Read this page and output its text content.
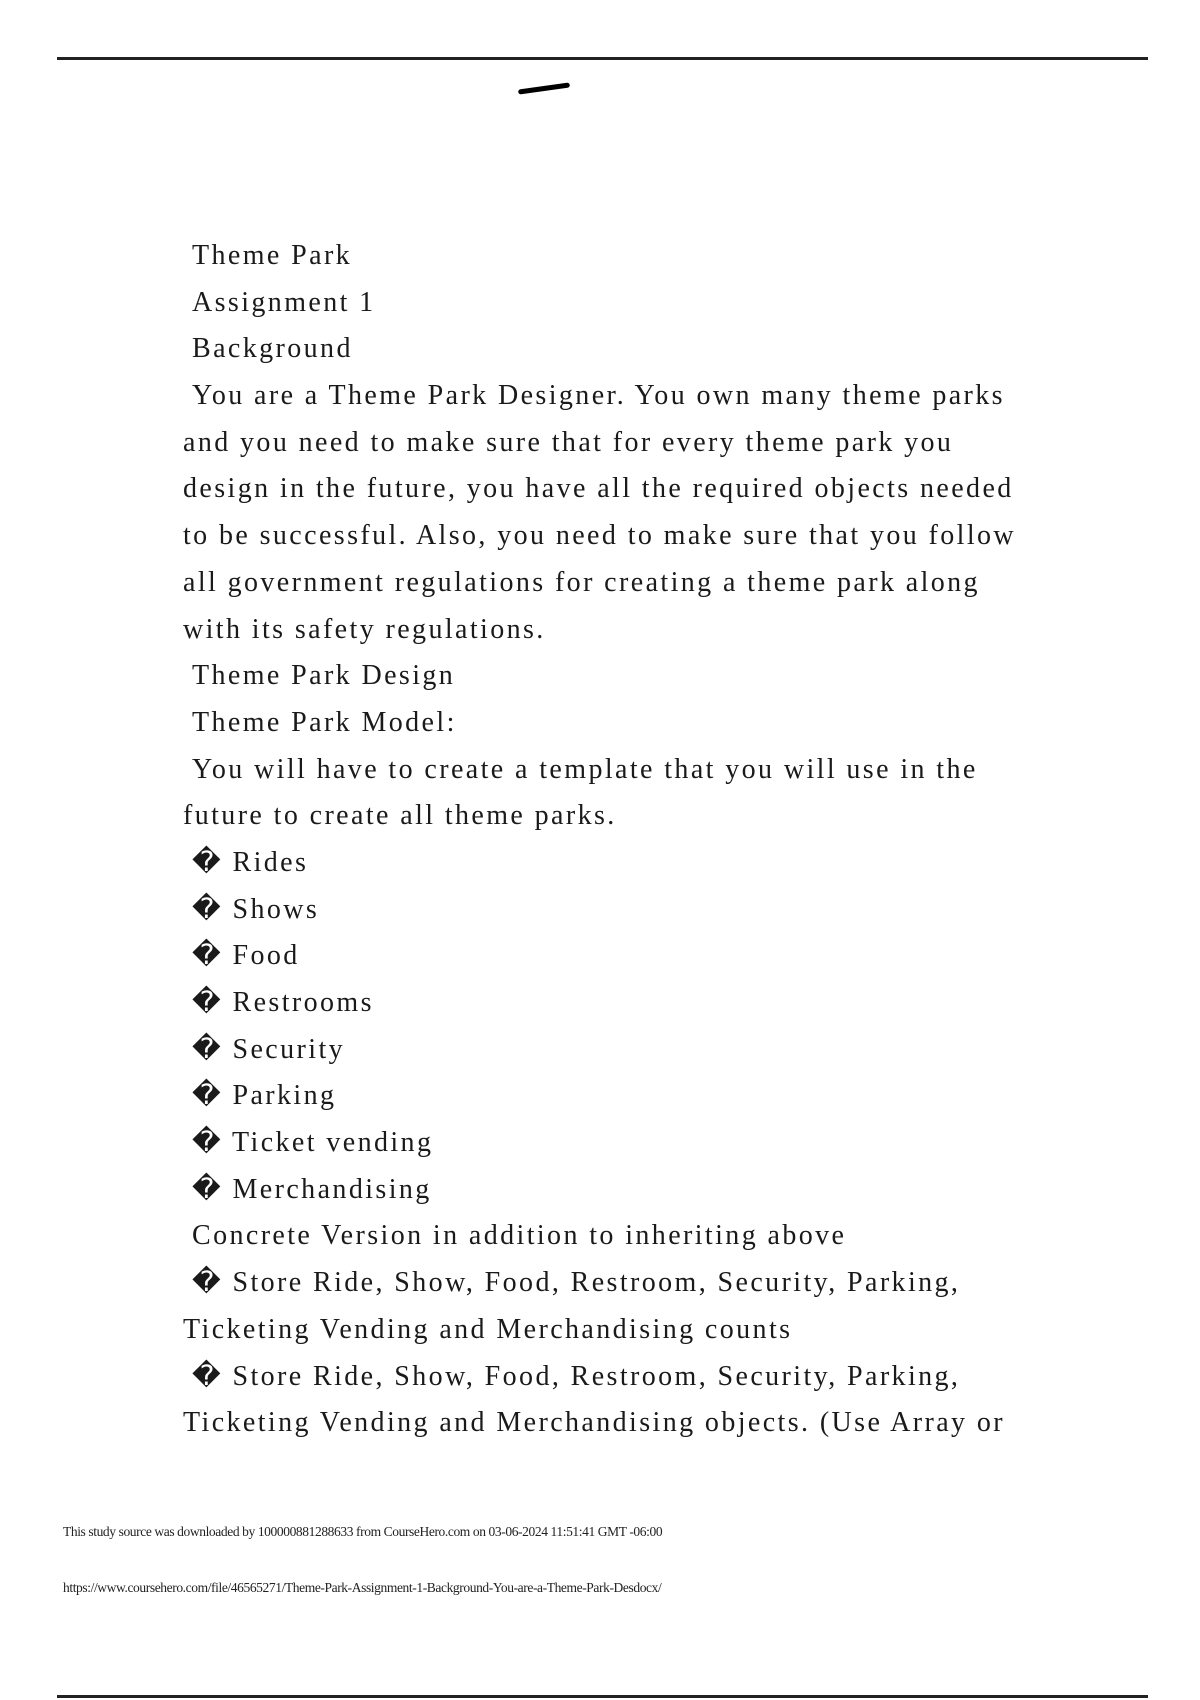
Theme Park
Assignment 1
Background
You are a Theme Park Designer. You own many theme parks
and you need to make sure that for every theme park you
design in the future, you have all the required objects needed
to be successful. Also, you need to make sure that you follow
all government regulations for creating a theme park along
with its safety regulations.
Theme Park Design
Theme Park Model:
You will have to create a template that you will use in the
future to create all theme parks.
� Rides
� Shows
� Food
� Restrooms
� Security
� Parking
� Ticket vending
� Merchandising
Concrete Version in addition to inheriting above
� Store Ride, Show, Food, Restroom, Security, Parking,
Ticketing Vending and Merchandising counts
� Store Ride, Show, Food, Restroom, Security, Parking,
Ticketing Vending and Merchandising objects. (Use Array or
This study source was downloaded by 100000881288633 from CourseHero.com on 03-06-2024 11:51:41 GMT -06:00
https://www.coursehero.com/file/46565271/Theme-Park-Assignment-1-Background-You-are-a-Theme-Park-Desdocx/
